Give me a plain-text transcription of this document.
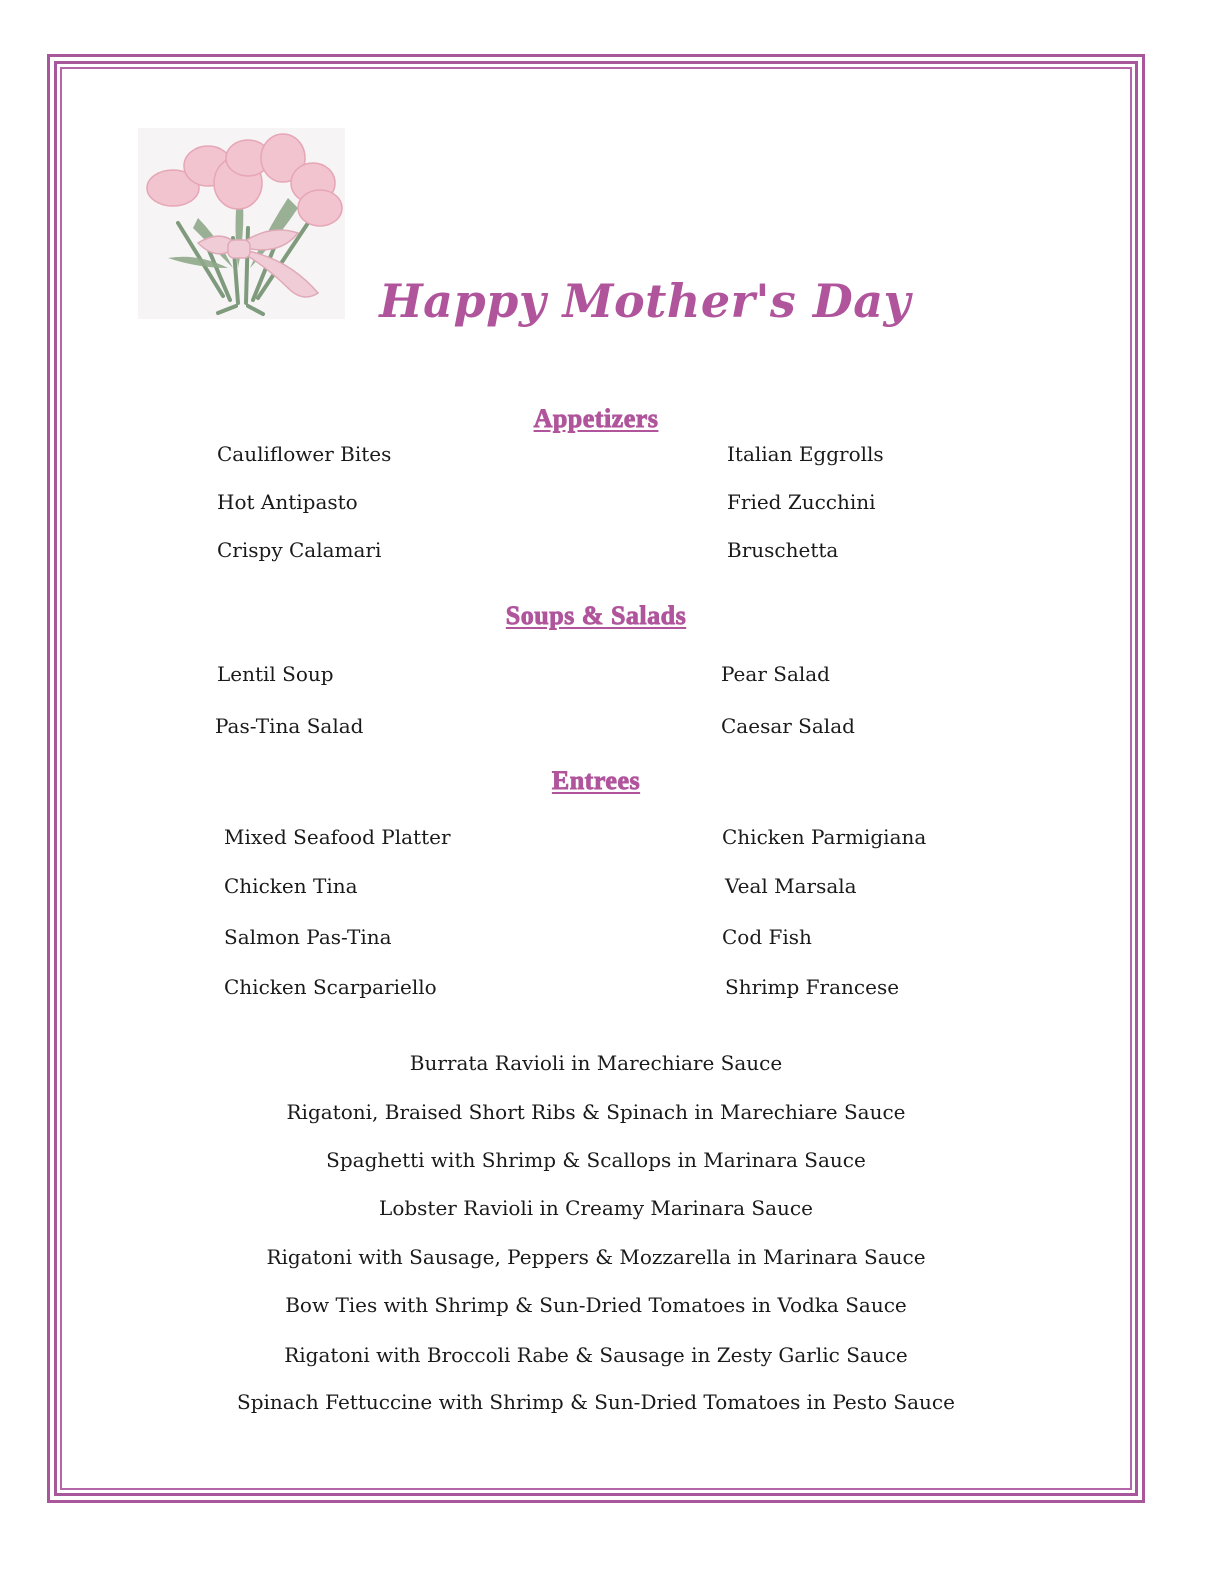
Happy Mother's Day
Appetizers
Cauliflower Bites
Hot Antipasto
Crispy Calamari
Italian Eggrolls
Fried Zucchini
Bruschetta
Soups & Salads
Lentil Soup
Pas-Tina Salad
Pear Salad
Caesar Salad
Entrees
Mixed Seafood Platter
Chicken Tina
Salmon Pas-Tina
Chicken Scarpariello
Chicken Parmigiana
Veal Marsala
Cod Fish
Shrimp Francese
Burrata Ravioli in Marechiare Sauce
Rigatoni, Braised Short Ribs & Spinach in Marechiare Sauce
Spaghetti with Shrimp & Scallops in Marinara Sauce
Lobster Ravioli in Creamy Marinara Sauce
Rigatoni with Sausage, Peppers & Mozzarella in Marinara Sauce
Bow Ties with Shrimp & Sun-Dried Tomatoes in Vodka Sauce
Rigatoni with Broccoli Rabe & Sausage in Zesty Garlic Sauce
Spinach Fettuccine with Shrimp & Sun-Dried Tomatoes in Pesto Sauce
